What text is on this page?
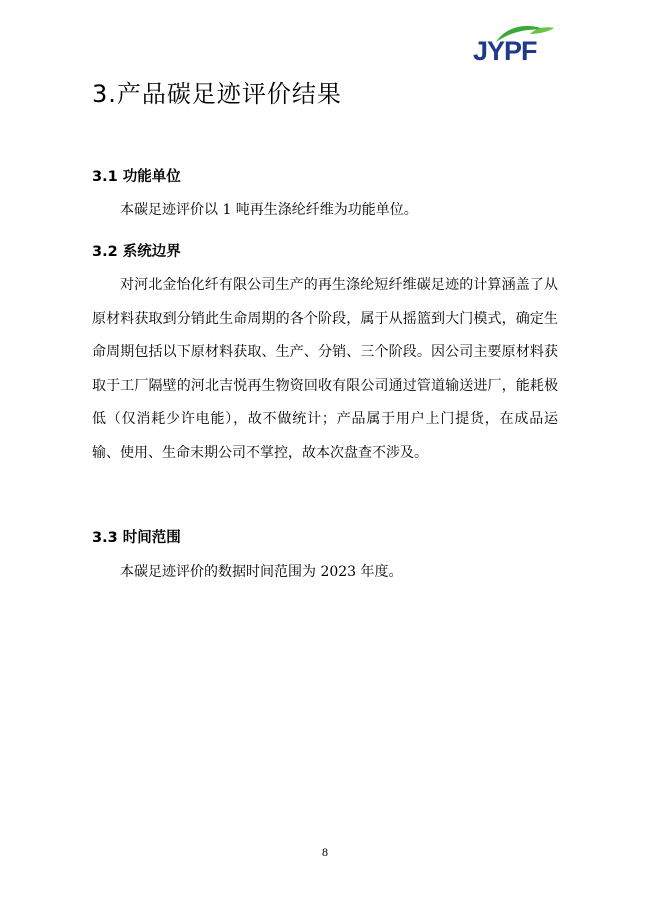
JYPF
3.产品碳足迹评价结果
3.1 功能单位

本碳足迹评价以 1 吨再生涤纶纤维为功能单位。

3.2 系统边界

对河北金怡化纤有限公司生产的再生涤纶短纤维碳足迹的计算涵盖了从原材料获取到分销此生命周期的各个阶段，属于从摇篮到大门模式，确定生命周期包括以下原材料获取、生产、分销、三个阶段。因公司主要原材料获取于工厂隔壁的河北吉悦再生物资回收有限公司通过管道输送进厂，能耗极低（仅消耗少许电能），故不做统计；产品属于用户上门提货，在成品运输、使用、生命末期公司不掌控，故本次盘查不涉及。

3.3 时间范围

本碳足迹评价的数据时间范围为 2023 年度。

8
